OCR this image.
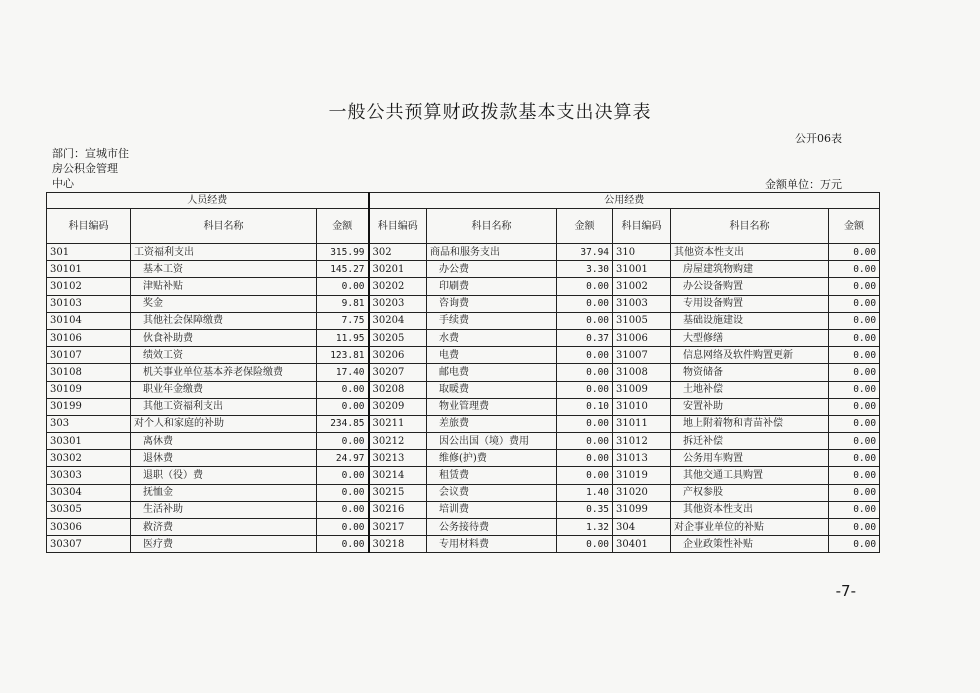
一般公共预算财政拨款基本支出决算表
公开06表
部门：宣城市住
房公积金管理
中心	金额单位：万元
人员经费			公用经费					
科目编码	科目名称	金额	科目编码	科目名称	金额	科目编码	科目名称	金额
301	工资福利支出	315.99	302	商品和服务支出	37.94	310	其他资本性支出	0.00
30101	基本工资	145.27	30201	办公费	3.30	31001	房屋建筑物购建	0.00
30102	津贴补贴	0.00	30202	印刷费	0.00	31002	办公设备购置	0.00
30103	奖金	9.81	30203	咨询费	0.00	31003	专用设备购置	0.00
30104	其他社会保障缴费	7.75	30204	手续费	0.00	31005	基础设施建设	0.00
30106	伙食补助费	11.95	30205	水费	0.37	31006	大型修缮	0.00
30107	绩效工资	123.81	30206	电费	0.00	31007	信息网络及软件购置更新	0.00
30108	机关事业单位基本养老保险缴费	17.40	30207	邮电费	0.00	31008	物资储备	0.00
30109	职业年金缴费	0.00	30208	取暖费	0.00	31009	土地补偿	0.00
30199	其他工资福利支出	0.00	30209	物业管理费	0.10	31010	安置补助	0.00
303	对个人和家庭的补助	234.85	30211	差旅费	0.00	31011	地上附着物和青苗补偿	0.00
30301	离休费	0.00	30212	因公出国（境）费用	0.00	31012	拆迁补偿	0.00
30302	退休费	24.97	30213	维修(护)费	0.00	31013	公务用车购置	0.00
30303	退职（役）费	0.00	30214	租赁费	0.00	31019	其他交通工具购置	0.00
30304	抚恤金	0.00	30215	会议费	1.40	31020	产权参股	0.00
30305	生活补助	0.00	30216	培训费	0.35	31099	其他资本性支出	0.00
30306	救济费	0.00	30217	公务接待费	1.32	304	对企事业单位的补贴	0.00
30307	医疗费	0.00	30218	专用材料费	0.00	30401	企业政策性补贴	0.00
-7-
